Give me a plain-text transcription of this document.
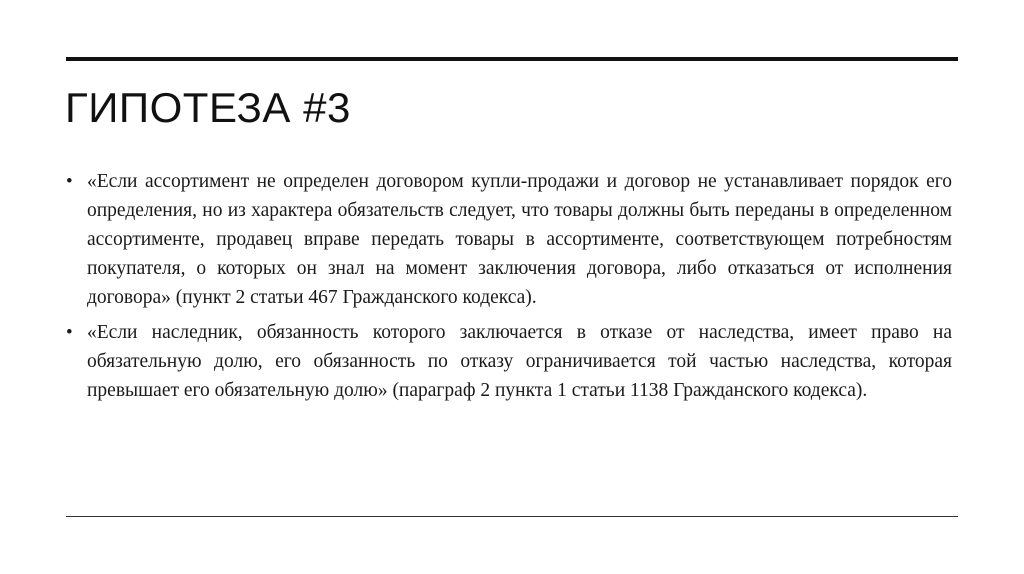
ГИПОТЕЗА #3
• «Если ассортимент не определен договором купли-продажи и договор не устанавливает порядок его определения, но из характера обязательств следует, что товары должны быть переданы в определенном ассортименте, продавец вправе передать товары в ассортименте, соответствующем потребностям покупателя, о которых он знал на момент заключения договора, либо отказаться от исполнения договора» (пункт 2 статьи 467 Гражданского кодекса).
• «Если наследник, обязанность которого заключается в отказе от наследства, имеет право на обязательную долю, его обязанность по отказу ограничивается той частью наследства, которая превышает его обязательную долю» (параграф 2 пункта 1 статьи 1138 Гражданского кодекса).
